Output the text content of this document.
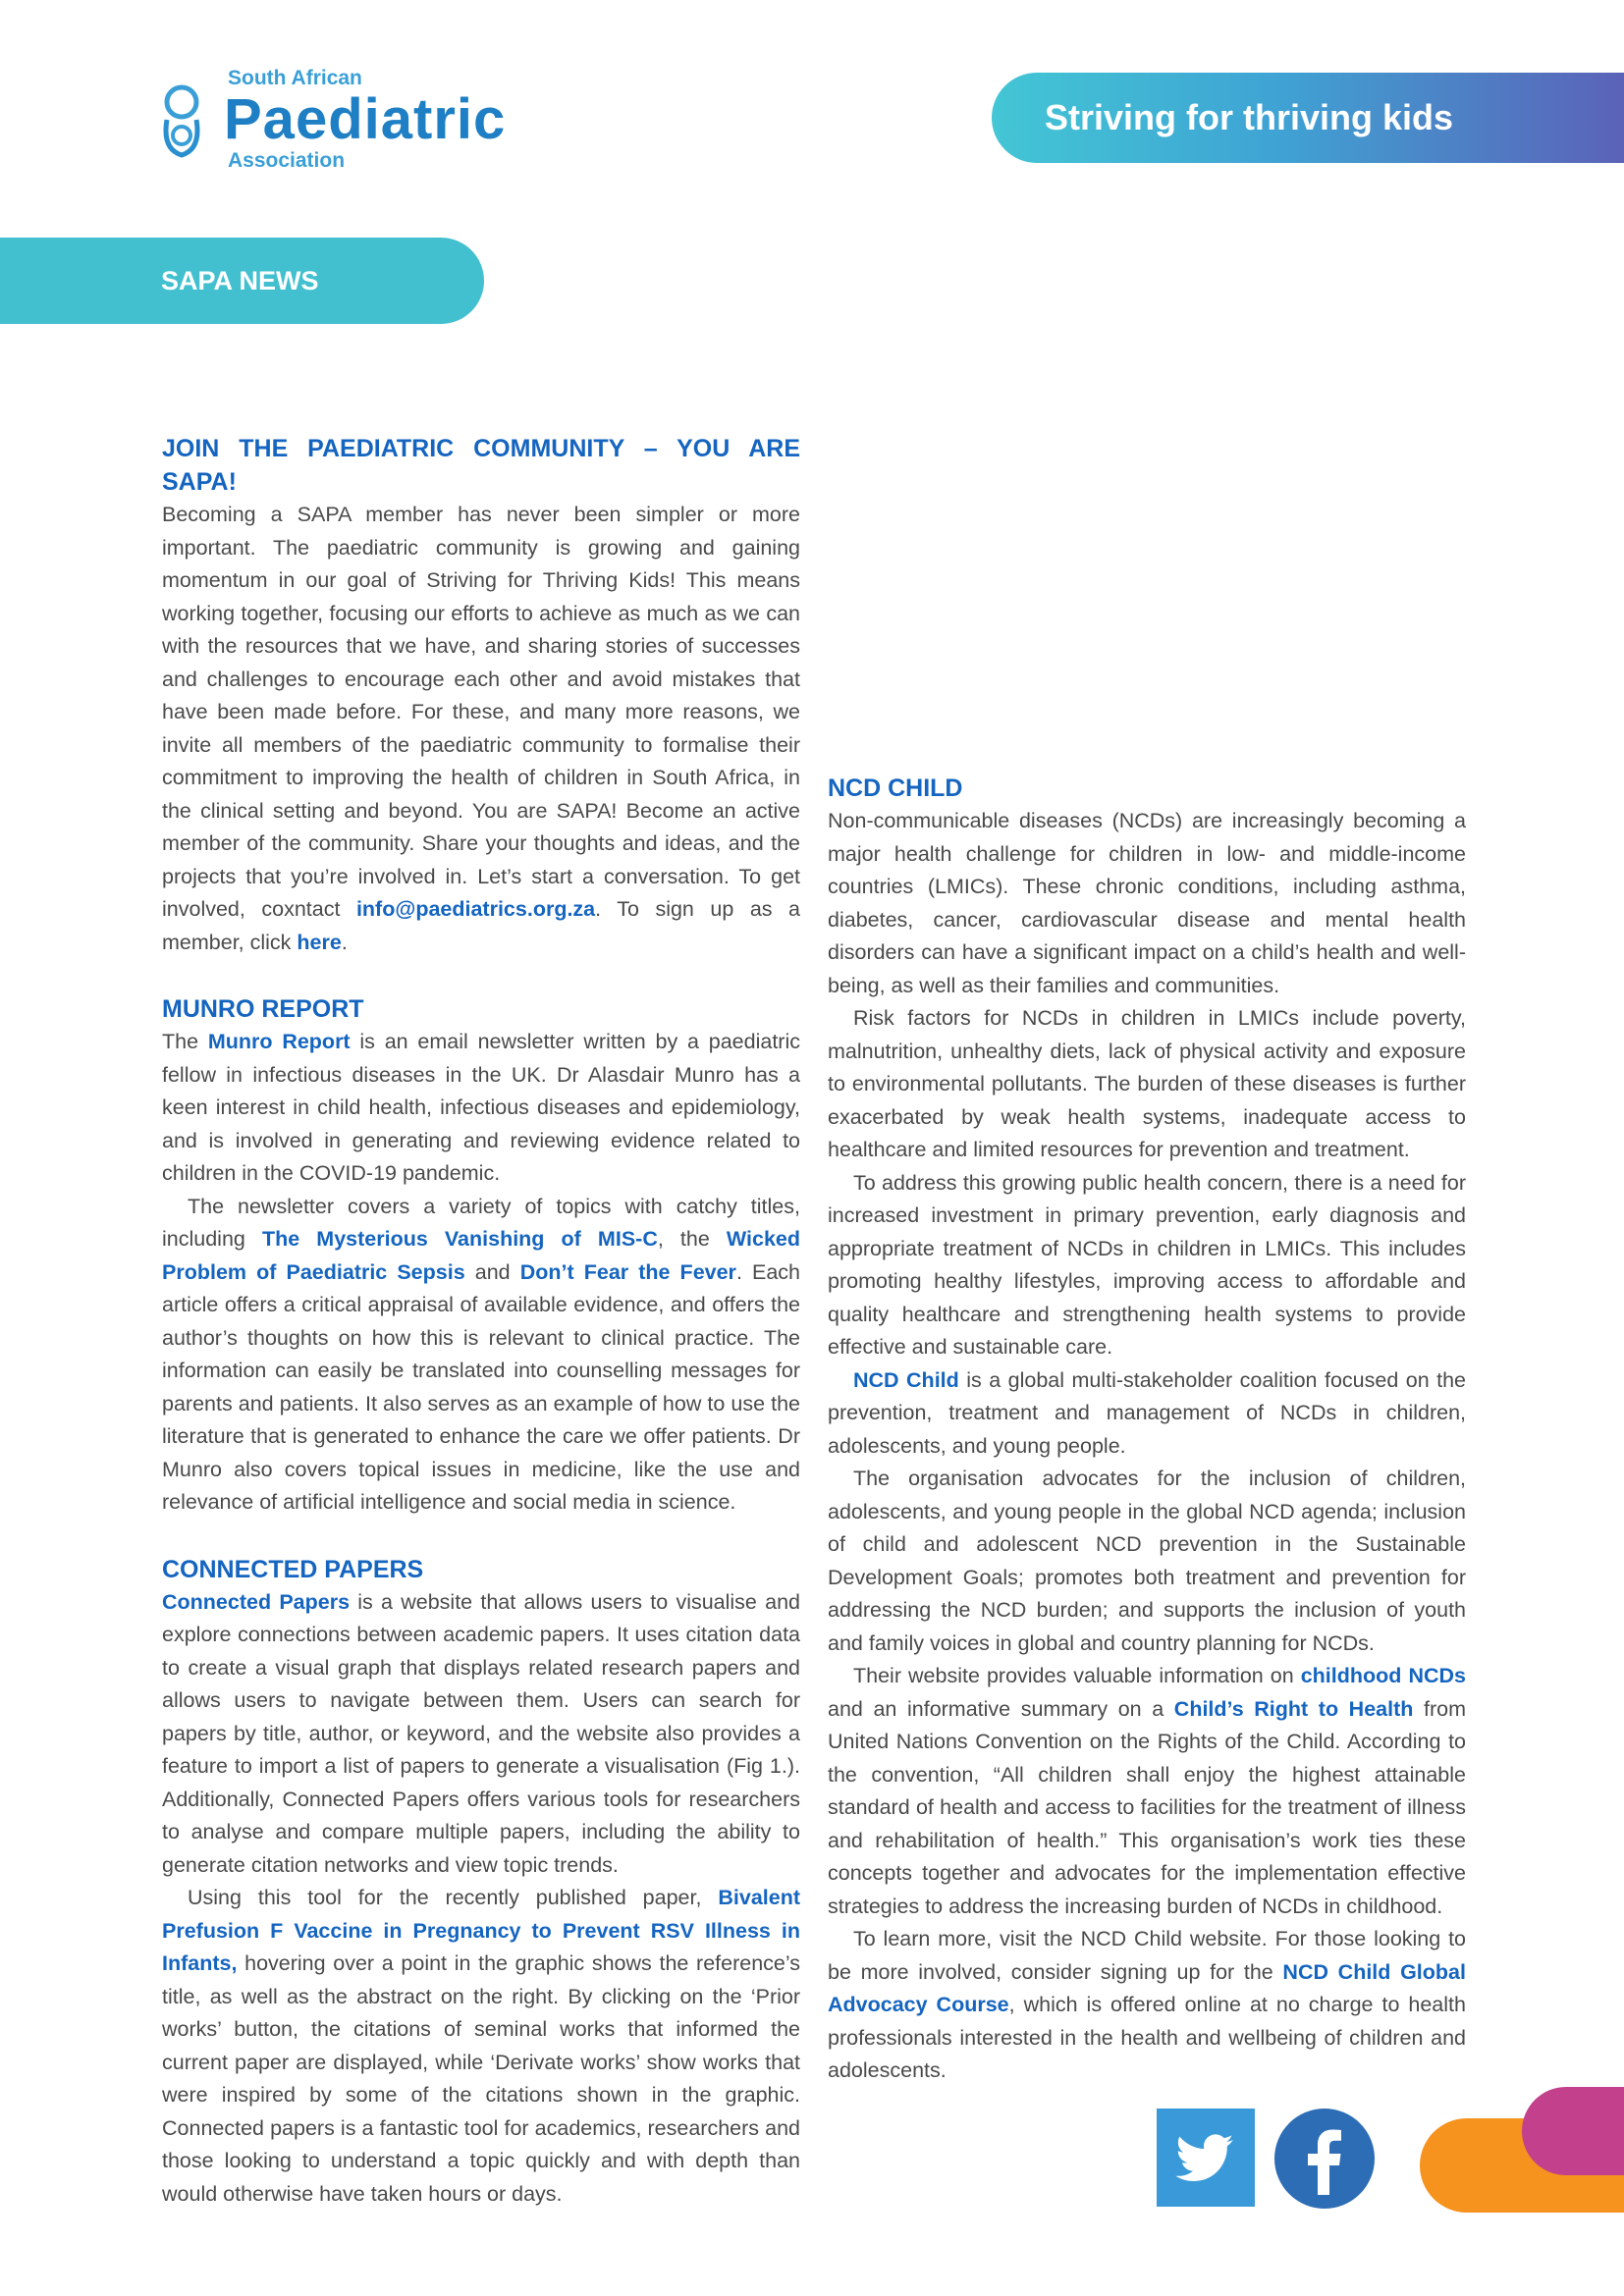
South African
Paediatric
Association
Striving for thriving kids
SAPA NEWS
JOIN THE PAEDIATRIC COMMUNITY – YOU ARE SAPA!

Becoming a SAPA member has never been simpler or more important. The paediatric community is growing and gaining momentum in our goal of Striving for Thriving Kids! This means working together, focusing our efforts to achieve as much as we can with the resources that we have, and sharing stories of successes and challenges to encourage each other and avoid mistakes that have been made before. For these, and many more reasons, we invite all members of the paediatric community to formalise their commitment to improving the health of children in South Africa, in the clinical setting and beyond. You are SAPA! Become an active member of the community. Share your thoughts and ideas, and the projects that you’re involved in. Let’s start a conversation. To get involved, coxntact info@paediatrics.org.za. To sign up as a member, click here.

MUNRO REPORT

The Munro Report is an email newsletter written by a paediatric fellow in infectious diseases in the UK. Dr Alasdair Munro has a keen interest in child health, infectious diseases and epidemiology, and is involved in generating and reviewing evidence related to children in the COVID-19 pandemic.

The newsletter covers a variety of topics with catchy titles, including The Mysterious Vanishing of MIS-C, the Wicked Problem of Paediatric Sepsis and Don’t Fear the Fever. Each article offers a critical appraisal of available evidence, and offers the author’s thoughts on how this is relevant to clinical practice. The information can easily be translated into counselling messages for parents and patients. It also serves as an example of how to use the literature that is generated to enhance the care we offer patients. Dr Munro also covers topical issues in medicine, like the use and relevance of artificial intelligence and social media in science.

CONNECTED PAPERS

Connected Papers is a website that allows users to visualise and explore connections between academic papers. It uses citation data to create a visual graph that displays related research papers and allows users to navigate between them. Users can search for papers by title, author, or keyword, and the website also provides a feature to import a list of papers to generate a visualisation (Fig 1.). Additionally, Connected Papers offers various tools for researchers to analyse and compare multiple papers, including the ability to generate citation networks and view topic trends.

Using this tool for the recently published paper, Bivalent Prefusion F Vaccine in Pregnancy to Prevent RSV Illness in Infants, hovering over a point in the graphic shows the reference’s title, as well as the abstract on the right. By clicking on the ‘Prior works’ button, the citations of seminal works that informed the current paper are displayed, while ‘Derivate works’ show works that were inspired by some of the citations shown in the graphic. Connected papers is a fantastic tool for academics, researchers and those looking to understand a topic quickly and with depth than would otherwise have taken hours or days.

NCD CHILD

Non-communicable diseases (NCDs) are increasingly becoming a major health challenge for children in low- and middle-income countries (LMICs). These chronic conditions, including asthma, diabetes, cancer, cardiovascular disease and mental health disorders can have a significant impact on a child’s health and well-being, as well as their families and communities.

Risk factors for NCDs in children in LMICs include poverty, malnutrition, unhealthy diets, lack of physical activity and exposure to environmental pollutants. The burden of these diseases is further exacerbated by weak health systems, inadequate access to healthcare and limited resources for prevention and treatment.

To address this growing public health concern, there is a need for increased investment in primary prevention, early diagnosis and appropriate treatment of NCDs in children in LMICs. This includes promoting healthy lifestyles, improving access to affordable and quality healthcare and strengthening health systems to provide effective and sustainable care.

NCD Child is a global multi-stakeholder coalition focused on the prevention, treatment and management of NCDs in children, adolescents, and young people.

The organisation advocates for the inclusion of children, adolescents, and young people in the global NCD agenda; inclusion of child and adolescent NCD prevention in the Sustainable Development Goals; promotes both treatment and prevention for addressing the NCD burden; and supports the inclusion of youth and family voices in global and country planning for NCDs.

Their website provides valuable information on childhood NCDs and an informative summary on a Child’s Right to Health from United Nations Convention on the Rights of the Child. According to the convention, “All children shall enjoy the highest attainable standard of health and access to facilities for the treatment of illness and rehabilitation of health.” This organisation’s work ties these concepts together and advocates for the implementation effective strategies to address the increasing burden of NCDs in childhood.

To learn more, visit the NCD Child website. For those looking to be more involved, consider signing up for the NCD Child Global Advocacy Course, which is offered online at no charge to health professionals interested in the health and wellbeing of children and adolescents.
